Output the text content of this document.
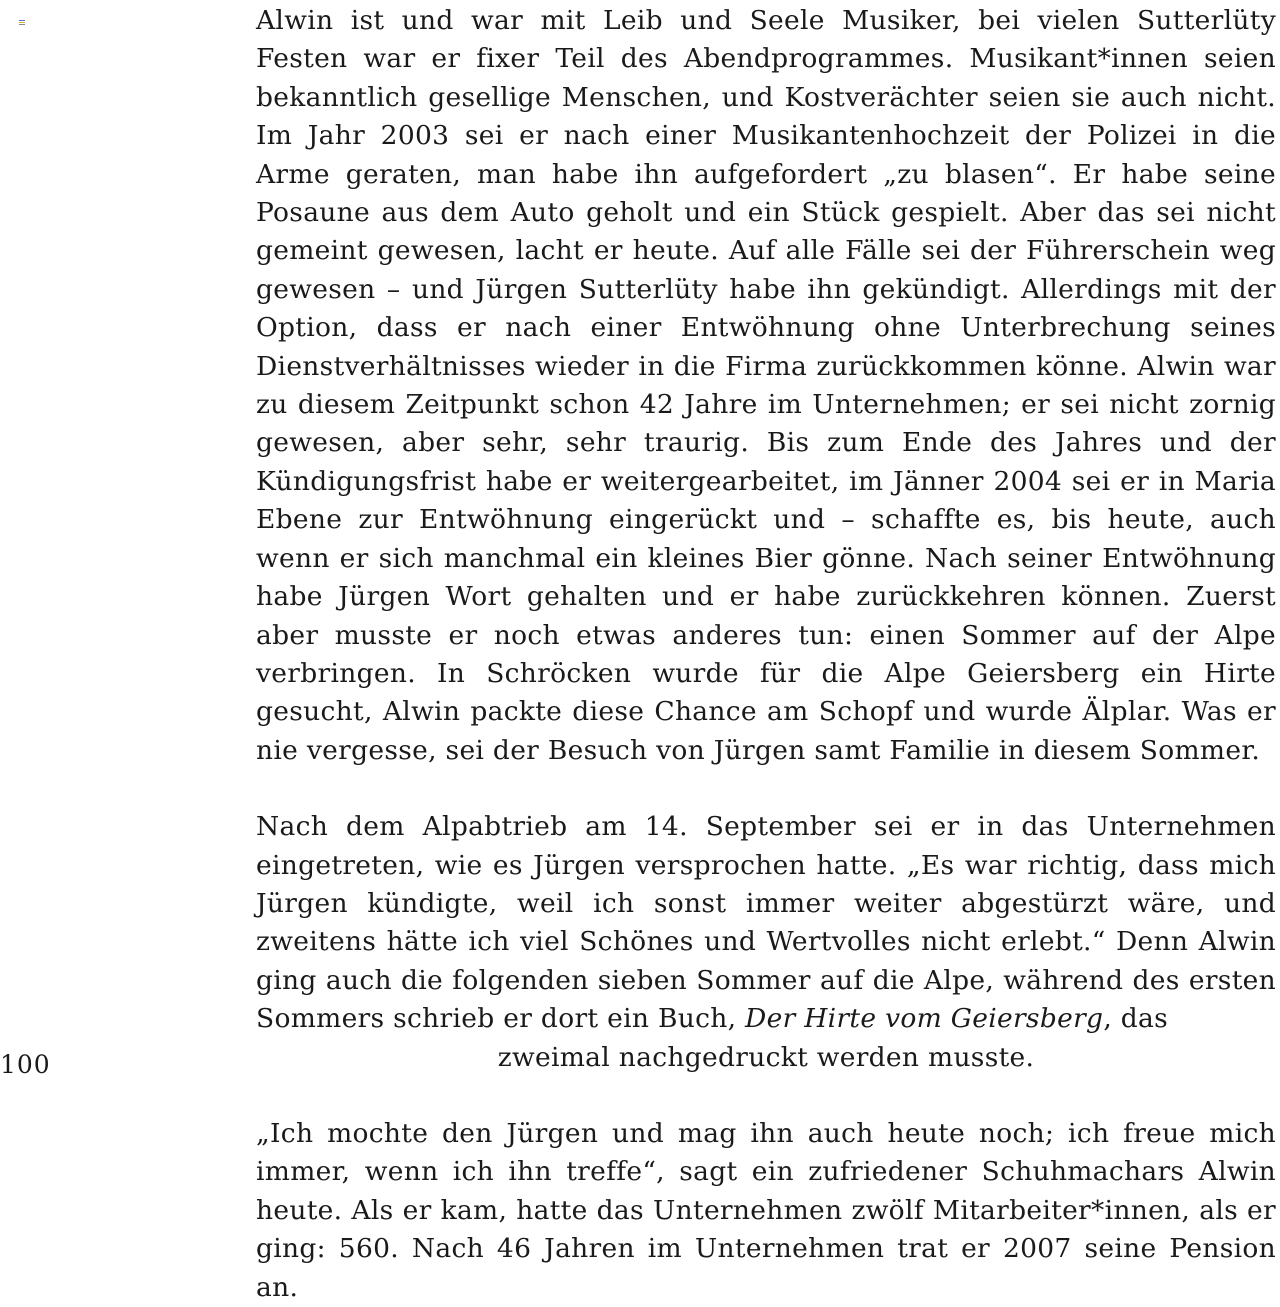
100

Alwin ist und war mit Leib und Seele Musiker, bei vielen Sutterlüty Festen war er fixer Teil des Abendprogrammes. Musikant*innen seien bekanntlich gesellige Menschen, und Kostverächter seien sie auch nicht. Im Jahr 2003 sei er nach einer Musikantenhochzeit der Polizei in die Arme geraten, man habe ihn aufgefordert „zu blasen“. Er habe seine Posaune aus dem Auto geholt und ein Stück gespielt. Aber das sei nicht gemeint gewesen, lacht er heute. Auf alle Fälle sei der Führerschein weg gewesen – und Jürgen Sutterlüty habe ihn gekündigt. Allerdings mit der Option, dass er nach einer Entwöhnung ohne Unterbrechung seines Dienstverhältnisses wieder in die Firma zurückkommen könne. Alwin war zu diesem Zeitpunkt schon 42 Jahre im Unternehmen; er sei nicht zornig gewesen, aber sehr, sehr traurig. Bis zum Ende des Jahres und der Kündigungsfrist habe er weitergearbeitet, im Jänner 2004 sei er in Maria Ebene zur Entwöhnung eingerückt und – schaffte es, bis heute, auch wenn er sich manchmal ein kleines Bier gönne. Nach seiner Entwöhnung habe Jürgen Wort gehalten und er habe zurückkehren können. Zuerst aber musste er noch etwas anderes tun: einen Sommer auf der Alpe verbringen. In Schröcken wurde für die Alpe Geiersberg ein Hirte gesucht, Alwin packte diese Chance am Schopf und wurde Älplar. Was er nie vergesse, sei der Besuch von Jürgen samt Familie in diesem Sommer.

Nach dem Alpabtrieb am 14. September sei er in das Unternehmen eingetreten, wie es Jürgen versprochen hatte. „Es war richtig, dass mich Jürgen kündigte, weil ich sonst immer weiter abgestürzt wäre, und zweitens hätte ich viel Schönes und Wertvolles nicht erlebt.“ Denn Alwin ging auch die folgenden sieben Sommer auf die Alpe, während des ersten Sommers schrieb er dort ein Buch, Der Hirte vom Geiersberg, das

zweimal nachgedruckt werden musste.

„Ich mochte den Jürgen und mag ihn auch heute noch; ich freue mich immer, wenn ich ihn treffe“, sagt ein zufriedener Schuhmachars Alwin heute. Als er kam, hatte das Unternehmen zwölf Mitarbeiter*innen, als er ging: 560. Nach 46 Jahren im Unternehmen trat er 2007 seine Pension an.
